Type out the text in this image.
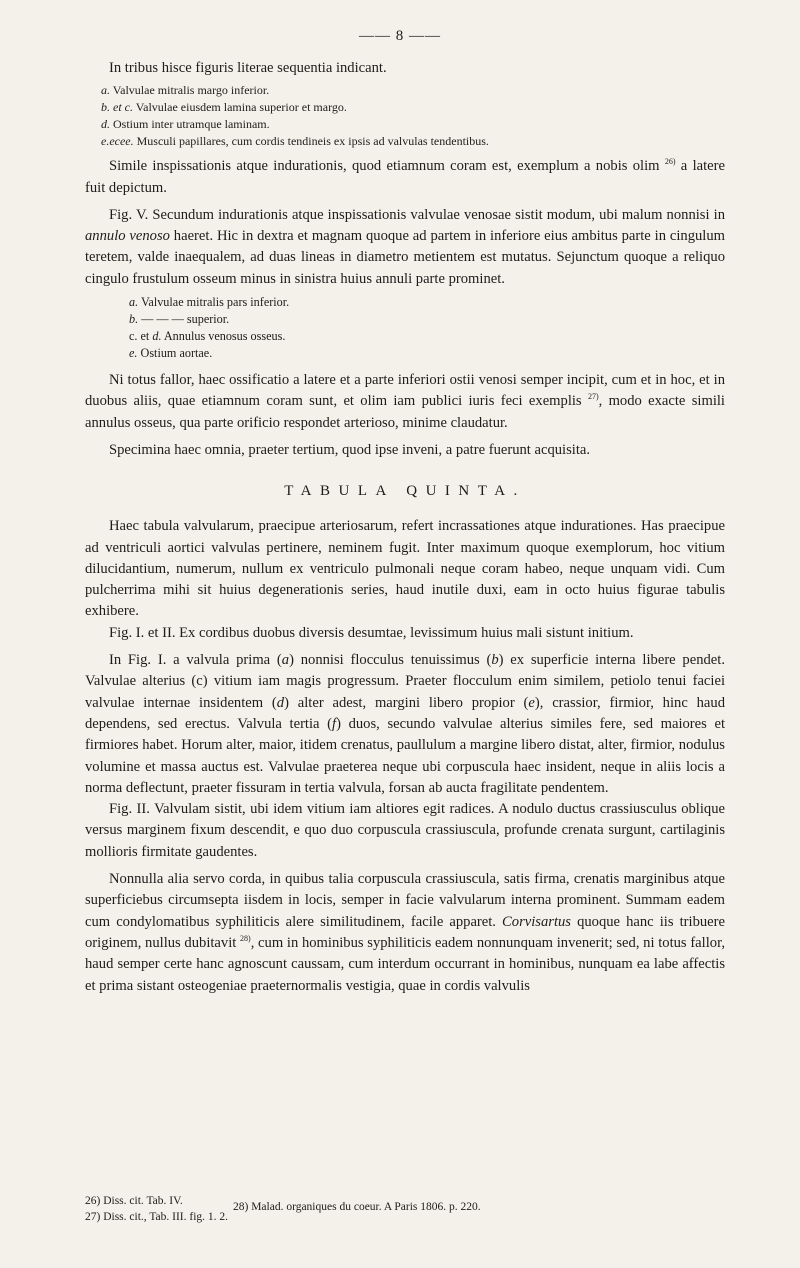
—— 8 ——

In tribus hisce figuris literae sequentia indicant.

a. Valvulae mitralis margo inferior.
b. et c. Valvulae eiusdem lamina superior et margo.
d. Ostium inter utramque laminam.
e.ecee. Musculi papillares, cum cordis tendineis ex ipsis ad valvulas tendentibus.

Simile inspissationis atque indurationis, quod etiamnum coram est, exemplum a nobis olim $^{26)}$ a latere fuit depictum.

Fig. V. Secundum indurationis atque inspissationis valvulae venosae sistit modum, ubi malum nonnisi in annulo venoso haeret. Hic in dextra et magnam quoque ad partem in inferiore eius ambitus parte in cingulum teretem, valde inaequalem, ad duas lineas in diametro metientem est mutatus. Sejunctum quoque a reliquo cingulo frustulum osseum minus in sinistra huius annuli parte prominet.

a. Valvulae mitralis pars inferior.
b. — — — superior.
c. et d. Annulus venosus osseus.
e. Ostium aortae.

Ni totus fallor, haec ossificatio a latere et a parte inferiori ostii venosi semper incipit, cum et in hoc, et in duobus aliis, quae etiamnum coram sunt, et olim iam publici iuris feci exemplis $^{27)}$, modo exacte simili annulus osseus, qua parte orificio respondet arterioso, minime claudatur.

Specimina haec omnia, praeter tertium, quod ipse inveni, a patre fuerunt acquisita.

TABULA QUINTA.

Haec tabula valvularum, praecipue arteriosarum, refert incrassationes atque indurationes. Has praecipue ad ventriculi aortici valvulas pertinere, neminem fugit. Inter maximum quoque exemplorum, hoc vitium dilucidantium, numerum, nullum ex ventriculo pulmonali neque coram habeo, neque unquam vidi. Cum pulcherrima mihi sit huius degenerationis series, haud inutile duxi, eam in octo huius figurae tabulis exhibere.

Fig. I. et II. Ex cordibus duobus diversis desumtae, levissimum huius mali sistunt initium.

In Fig. I. a valvula prima (a) nonnisi flocculus tenuissimus (b) ex superficie interna libere pendet. Valvulae alterius (c) vitium iam magis progressum. Praeter flocculum enim similem, petiolo tenui faciei valvulae internae insidentem (d) alter adest, margini libero propior (e), crassior, firmior, hinc haud dependens, sed erectus. Valvula tertia (f) duos, secundo valvulae alterius similes fere, sed maiores et firmiores habet. Horum alter, maior, itidem crenatus, paullulum a margine libero distat, alter, firmior, nodulus volumine et massa auctus est. Valvulae praeterea neque ubi corpuscula haec insident, neque in aliis locis a norma deflectunt, praeter fissuram in tertia valvula, forsan ab aucta fragilitate pendentem.

Fig. II. Valvulam sistit, ubi idem vitium iam altiores egit radices. A nodulo ductus crassiusculus oblique versus marginem fixum descendit, e quo duo corpuscula crassiuscula, profunde crenata surgunt, cartilaginis mollioris firmitate gaudentes.

Nonnulla alia servo corda, in quibus talia corpuscula crassiuscula, satis firma, crenatis marginibus atque superficiebus circumsepta iisdem in locis, semper in facie valvularum interna prominent. Summam eadem cum condylomatibus syphiliticis alere similitudinem, facile apparet. Corvisartus quoque hanc iis tribuere originem, nullus dubitavit $^{28)}$, cum in hominibus syphiliticis eadem nonnunquam invenerit; sed, ni totus fallor, haud semper certe hanc agnoscunt caussam, cum interdum occurrant in hominibus, nunquam ea labe affectis et prima sistant osteogeniae praeternormalis vestigia, quae in cordis valvulis

26) Diss. cit. Tab. IV.
27) Diss. cit., Tab. III. fig. 1. 2.
28) Malad. organiques du coeur. A Paris 1806. p. 220.
